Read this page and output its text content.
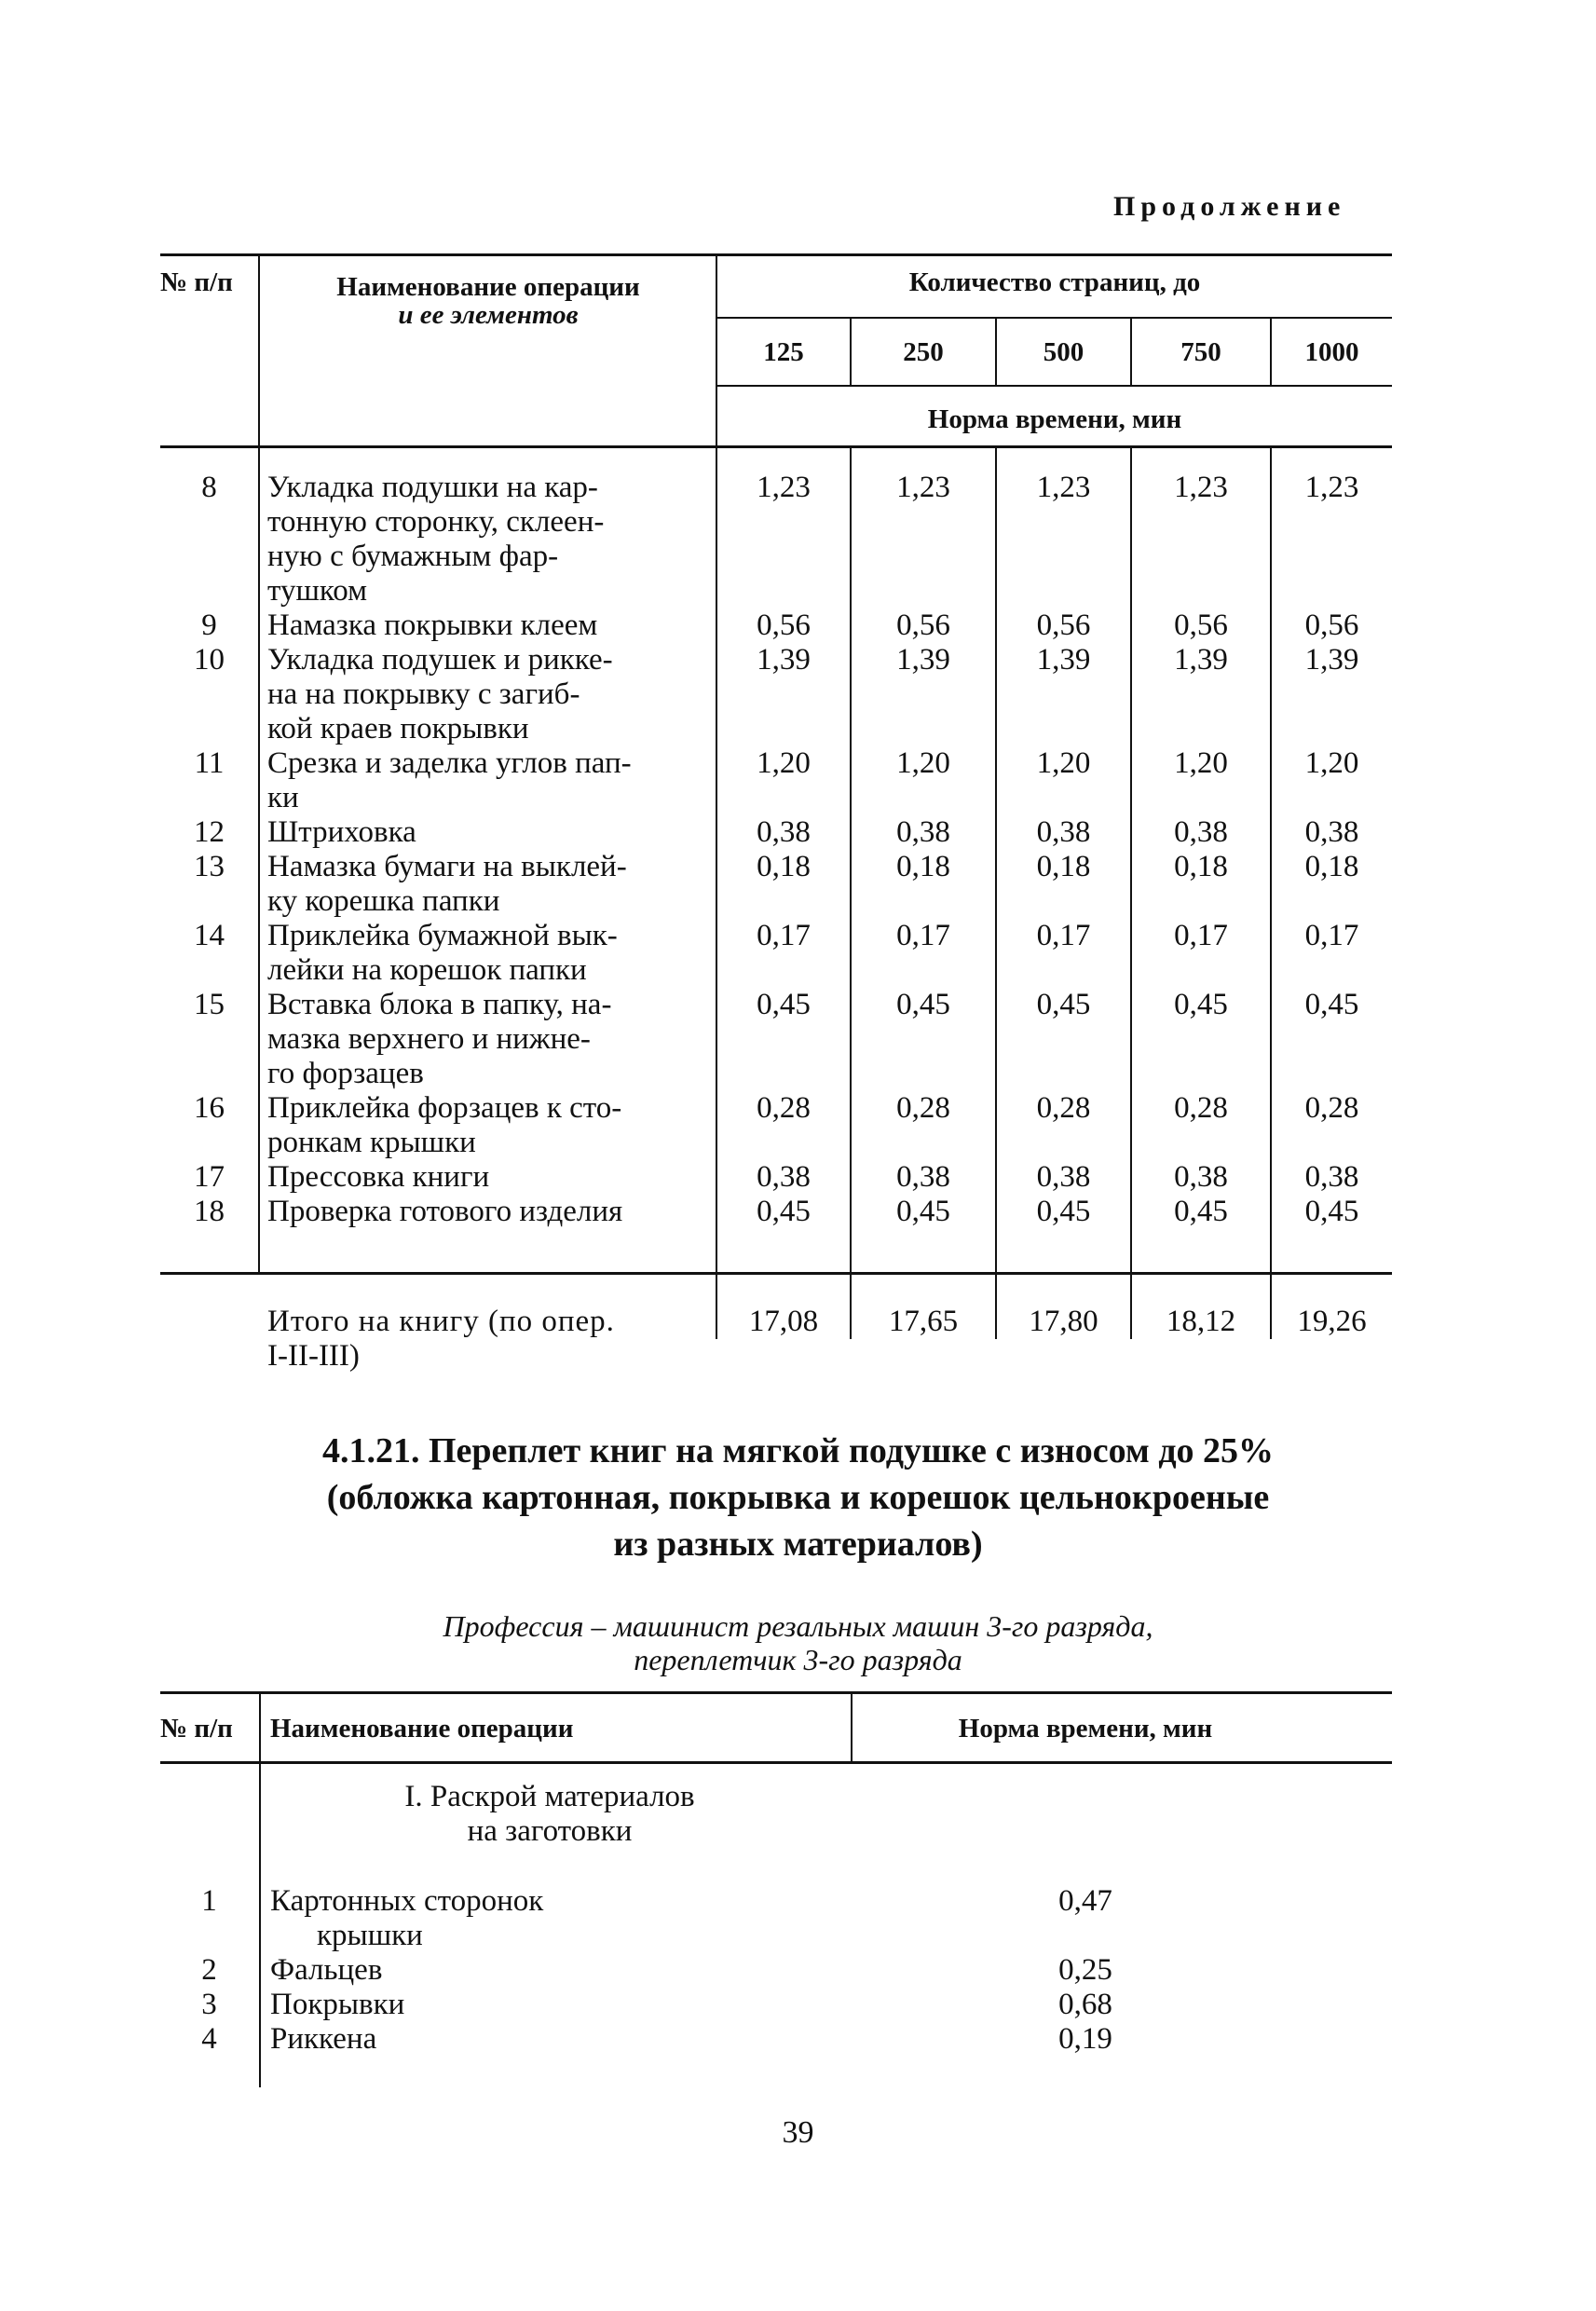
Продолжение
№ п/п	Наименование операции
и ее элементов
Количество страниц, до
125	250	500	750	1000
Норма времени, мин
8	Укладка подушки на кар-
тонную сторонку, склеен-
ную с бумажным фар-
тушком
1,23	1,23	1,23	1,23	1,23
9	Намазка покрывки клеем	0,56	0,56	0,56	0,56	0,56
10	Укладка подушек и рикке-
на на покрывку с загиб-
кой краев покрывки
1,39	1,39	1,39	1,39	1,39
11	Срезка и заделка углов пап-
ки
1,20	1,20	1,20	1,20	1,20
12	Штриховка	0,38	0,38	0,38	0,38	0,38
13	Намазка бумаги на выклей-
ку корешка папки
0,18	0,18	0,18	0,18	0,18
14	Приклейка бумажной вык-
лейки на корешок папки
0,17	0,17	0,17	0,17	0,17
15	Вставка блока в папку, на-
мазка верхнего и нижне-
го форзацев
0,45	0,45	0,45	0,45	0,45
16	Приклейка форзацев к сто-
ронкам крышки
0,28	0,28	0,28	0,28	0,28
17	Прессовка книги	0,38	0,38	0,38	0,38	0,38
18	Проверка готового изделия	0,45	0,45	0,45	0,45	0,45
Итого на книгу (по опер.
I-II-III)
17,08	17,65	17,80	18,12	19,26
4.1.21. Переплет книг на мягкой подушке с износом до 25%
(обложка картонная, покрывка и корешок цельнокроеные
из разных материалов)
Профессия – машинист резальных машин 3-го разряда,
переплетчик 3-го разряда
№ п/п Наименование операции	Норма времени, мин
I. Раскрой материалов
на заготовки
1	Картонных сторонок
крышки
0,47
2	Фальцев	0,25
3	Покрывки	0,68
4	Риккена	0,19
39
